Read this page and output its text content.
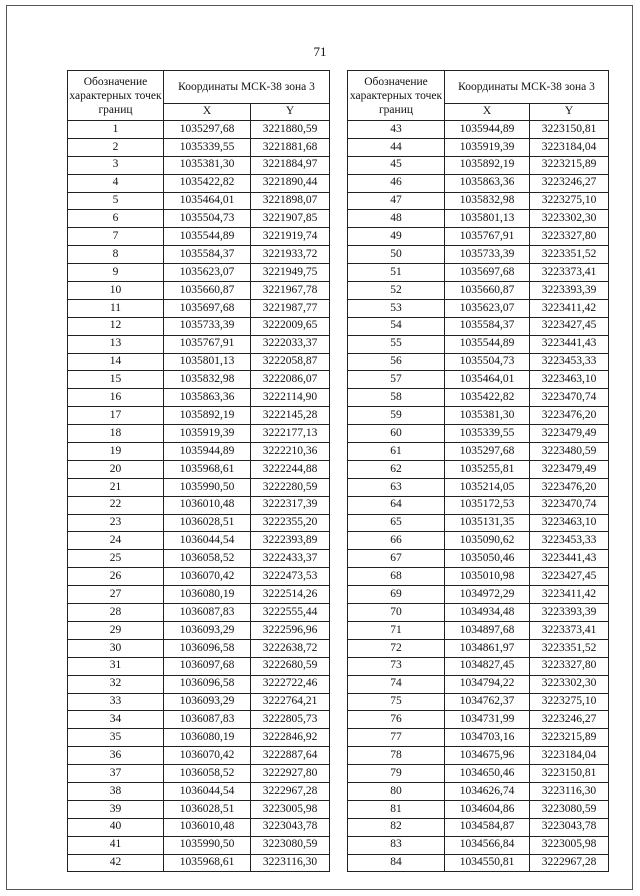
71
Обозначение характерных точек границ	Координаты МСК-38 зона 3	
	X	Y
1	1035297,68	3221880,59
2	1035339,55	3221881,68
3	1035381,30	3221884,97
4	1035422,82	3221890,44
5	1035464,01	3221898,07
6	1035504,73	3221907,85
7	1035544,89	3221919,74
8	1035584,37	3221933,72
9	1035623,07	3221949,75
10	1035660,87	3221967,78
11	1035697,68	3221987,77
12	1035733,39	3222009,65
13	1035767,91	3222033,37
14	1035801,13	3222058,87
15	1035832,98	3222086,07
16	1035863,36	3222114,90
17	1035892,19	3222145,28
18	1035919,39	3222177,13
19	1035944,89	3222210,36
20	1035968,61	3222244,88
21	1035990,50	3222280,59
22	1036010,48	3222317,39
23	1036028,51	3222355,20
24	1036044,54	3222393,89
25	1036058,52	3222433,37
26	1036070,42	3222473,53
27	1036080,19	3222514,26
28	1036087,83	3222555,44
29	1036093,29	3222596,96
30	1036096,58	3222638,72
31	1036097,68	3222680,59
32	1036096,58	3222722,46
33	1036093,29	3222764,21
34	1036087,83	3222805,73
35	1036080,19	3222846,92
36	1036070,42	3222887,64
37	1036058,52	3222927,80
38	1036044,54	3222967,28
39	1036028,51	3223005,98
40	1036010,48	3223043,78
41	1035990,50	3223080,59
42	1035968,61	3223116,30
Обозначение характерных точек границ	Координаты МСК-38 зона 3	
	X	Y
43	1035944,89	3223150,81
44	1035919,39	3223184,04
45	1035892,19	3223215,89
46	1035863,36	3223246,27
47	1035832,98	3223275,10
48	1035801,13	3223302,30
49	1035767,91	3223327,80
50	1035733,39	3223351,52
51	1035697,68	3223373,41
52	1035660,87	3223393,39
53	1035623,07	3223411,42
54	1035584,37	3223427,45
55	1035544,89	3223441,43
56	1035504,73	3223453,33
57	1035464,01	3223463,10
58	1035422,82	3223470,74
59	1035381,30	3223476,20
60	1035339,55	3223479,49
61	1035297,68	3223480,59
62	1035255,81	3223479,49
63	1035214,05	3223476,20
64	1035172,53	3223470,74
65	1035131,35	3223463,10
66	1035090,62	3223453,33
67	1035050,46	3223441,43
68	1035010,98	3223427,45
69	1034972,29	3223411,42
70	1034934,48	3223393,39
71	1034897,68	3223373,41
72	1034861,97	3223351,52
73	1034827,45	3223327,80
74	1034794,22	3223302,30
75	1034762,37	3223275,10
76	1034731,99	3223246,27
77	1034703,16	3223215,89
78	1034675,96	3223184,04
79	1034650,46	3223150,81
80	1034626,74	3223116,30
81	1034604,86	3223080,59
82	1034584,87	3223043,78
83	1034566,84	3223005,98
84	1034550,81	3222967,28
